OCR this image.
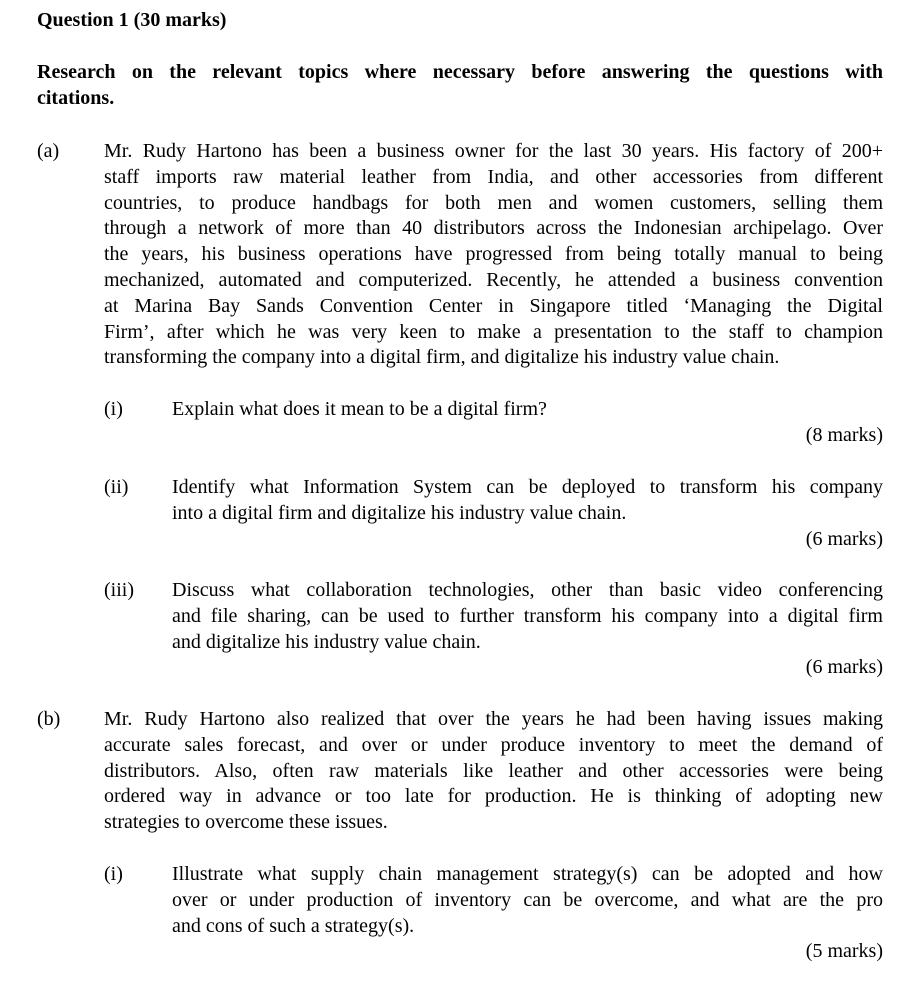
Question 1 (30 marks)
Research on the relevant topics where necessary before answering the questions with
citations.
(a) Mr. Rudy Hartono has been a business owner for the last 30 years. His factory of 200+
staff imports raw material leather from India, and other accessories from different
countries, to produce handbags for both men and women customers, selling them
through a network of more than 40 distributors across the Indonesian archipelago. Over
the years, his business operations have progressed from being totally manual to being
mechanized, automated and computerized. Recently, he attended a business convention
at Marina Bay Sands Convention Center in Singapore titled ‘Managing the Digital
Firm’, after which he was very keen to make a presentation to the staff to champion
transforming the company into a digital firm, and digitalize his industry value chain.
(i) Explain what does it mean to be a digital firm?
(8 marks)
(ii) Identify what Information System can be deployed to transform his company
into a digital firm and digitalize his industry value chain.
(6 marks)
(iii) Discuss what collaboration technologies, other than basic video conferencing
and file sharing, can be used to further transform his company into a digital firm
and digitalize his industry value chain.
(6 marks)
(b) Mr. Rudy Hartono also realized that over the years he had been having issues making
accurate sales forecast, and over or under produce inventory to meet the demand of
distributors. Also, often raw materials like leather and other accessories were being
ordered way in advance or too late for production. He is thinking of adopting new
strategies to overcome these issues.
(i) Illustrate what supply chain management strategy(s) can be adopted and how
over or under production of inventory can be overcome, and what are the pro
and cons of such a strategy(s).
(5 marks)
